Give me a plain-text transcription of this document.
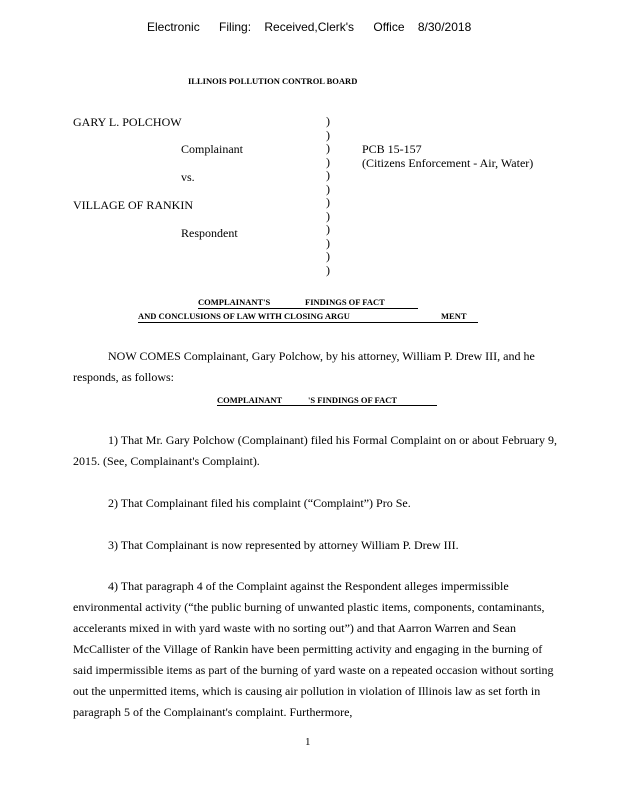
Electronic Filing: Received,Clerk's Office 8/30/2018
ILLINOIS POLLUTION CONTROL BOARD
GARY L. POLCHOW
Complainant
vs.
VILLAGE OF RANKIN
Respondent
)
)
)
)
)
)
)
)
)
)
)
)
PCB 15-157
(Citizens Enforcement - Air, Water)
COMPLAINANT'S	FINDINGS OF FACT
AND CONCLUSIONS OF LAW WITH CLOSING ARGU	MENT
NOW COMES Complainant, Gary Polchow, by his attorney, William P. Drew III, and he responds, as follows:
COMPLAINANT	'S FINDINGS OF FACT
1) That Mr. Gary Polchow (Complainant) filed his Formal Complaint on or about February 9, 2015. (See, Complainant's Complaint).
2) That Complainant filed his complaint (“Complaint”) Pro Se.
3) That Complainant is now represented by attorney William P. Drew III.
4) That paragraph 4 of the Complaint against the Respondent alleges impermissible environmental activity (“the public burning of unwanted plastic items, components, contaminants, accelerants mixed in with yard waste with no sorting out”) and that Aarron Warren and Sean McCallister of the Village of Rankin have been permitting activity and engaging in the burning of said impermissible items as part of the burning of yard waste on a repeated occasion without sorting out the unpermitted items, which is causing air pollution in violation of Illinois law as set forth in paragraph 5 of the Complainant's complaint. Furthermore,
1
